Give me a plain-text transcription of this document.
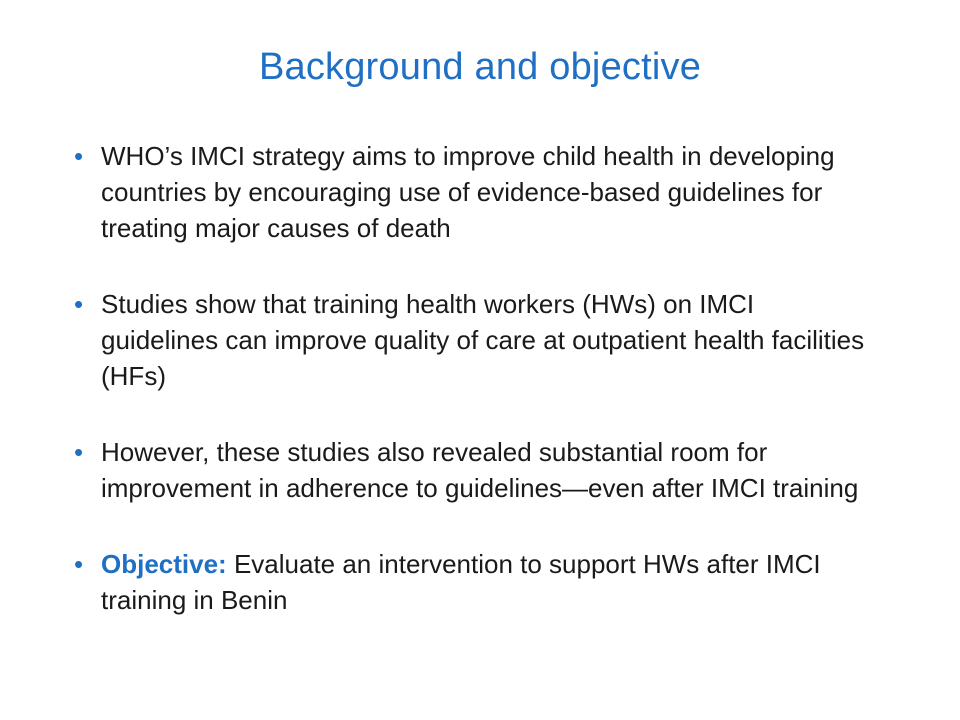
Background and objective
• WHO’s IMCI strategy aims to improve child health in developing countries by encouraging use of evidence-based guidelines for treating major causes of death
• Studies show that training health workers (HWs) on IMCI guidelines can improve quality of care at outpatient health facilities (HFs)
• However, these studies also revealed substantial room for improvement in adherence to guidelines—even after IMCI training
• Objective: Evaluate an intervention to support HWs after IMCI training in Benin
